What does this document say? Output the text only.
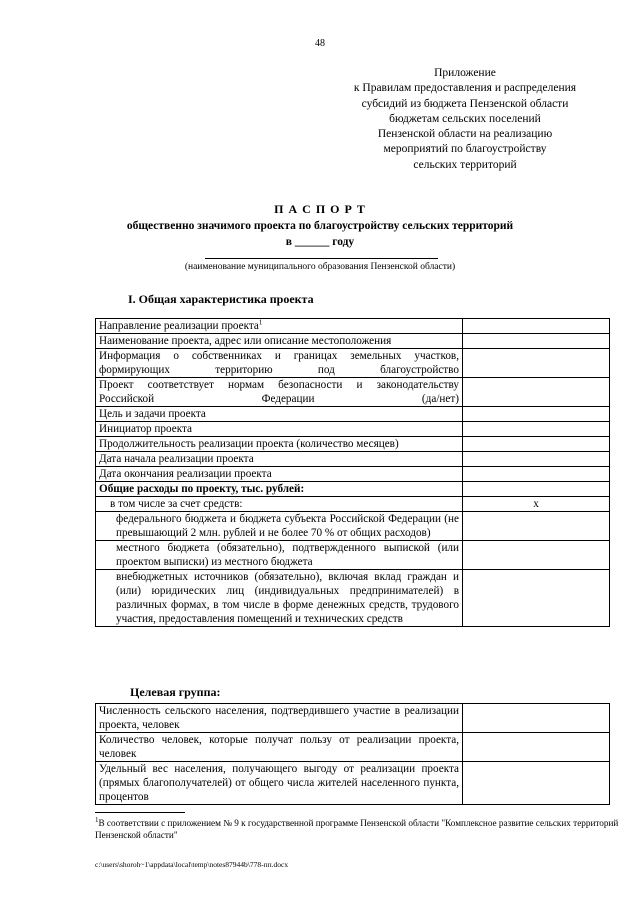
48
Приложение
к Правилам предоставления и распределения
субсидий из бюджета Пензенской области
бюджетам сельских поселений
Пензенской области на реализацию
мероприятий по благоустройству
сельских территорий
П А С П О Р Т
общественно значимого проекта по благоустройству сельских территорий
в ______ году
(наименование муниципального образования Пензенской области)
I. Общая характеристика проекта
Направление реализации проекта$^1$	
Наименование проекта, адрес или описание местоположения	
Информация о собственниках и границах земельных участков, формирующих территорию под благоустройство	
Проект соответствует нормам безопасности и законодательству Российской Федерации (да/нет)	
Цель и задачи проекта	
Инициатор проекта	
Продолжительность реализации проекта (количество месяцев)	
Дата начала реализации проекта	
Дата окончания реализации проекта	
Общие расходы по проекту, тыс. рублей:	
в том числе за счет средств:	x
федерального бюджета и бюджета субъекта Российской Федерации (не превышающий 2 млн. рублей и не более 70 % от общих расходов)	
местного бюджета (обязательно), подтвержденного выпиской (или проектом выписки) из местного бюджета	
внебюджетных источников (обязательно), включая вклад граждан и (или) юридических лиц (индивидуальных предпринимателей) в различных формах, в том числе в форме денежных средств, трудового участия, предоставления помещений и технических средств	
Целевая группа:
Численность сельского населения, подтвердившего участие в реализации проекта, человек	
Количество человек, которые получат пользу от реализации проекта, человек	
Удельный вес населения, получающего выгоду от реализации проекта (прямых благополучателей) от общего числа жителей населенного пункта, процентов	
$^1$В соответствии с приложением № 9 к государственной программе Пензенской области "Комплексное развитие сельских территорий Пензенской области"
c:\users\shoroh~1\appdata\local\temp\notes87944b\778-пп.docx
